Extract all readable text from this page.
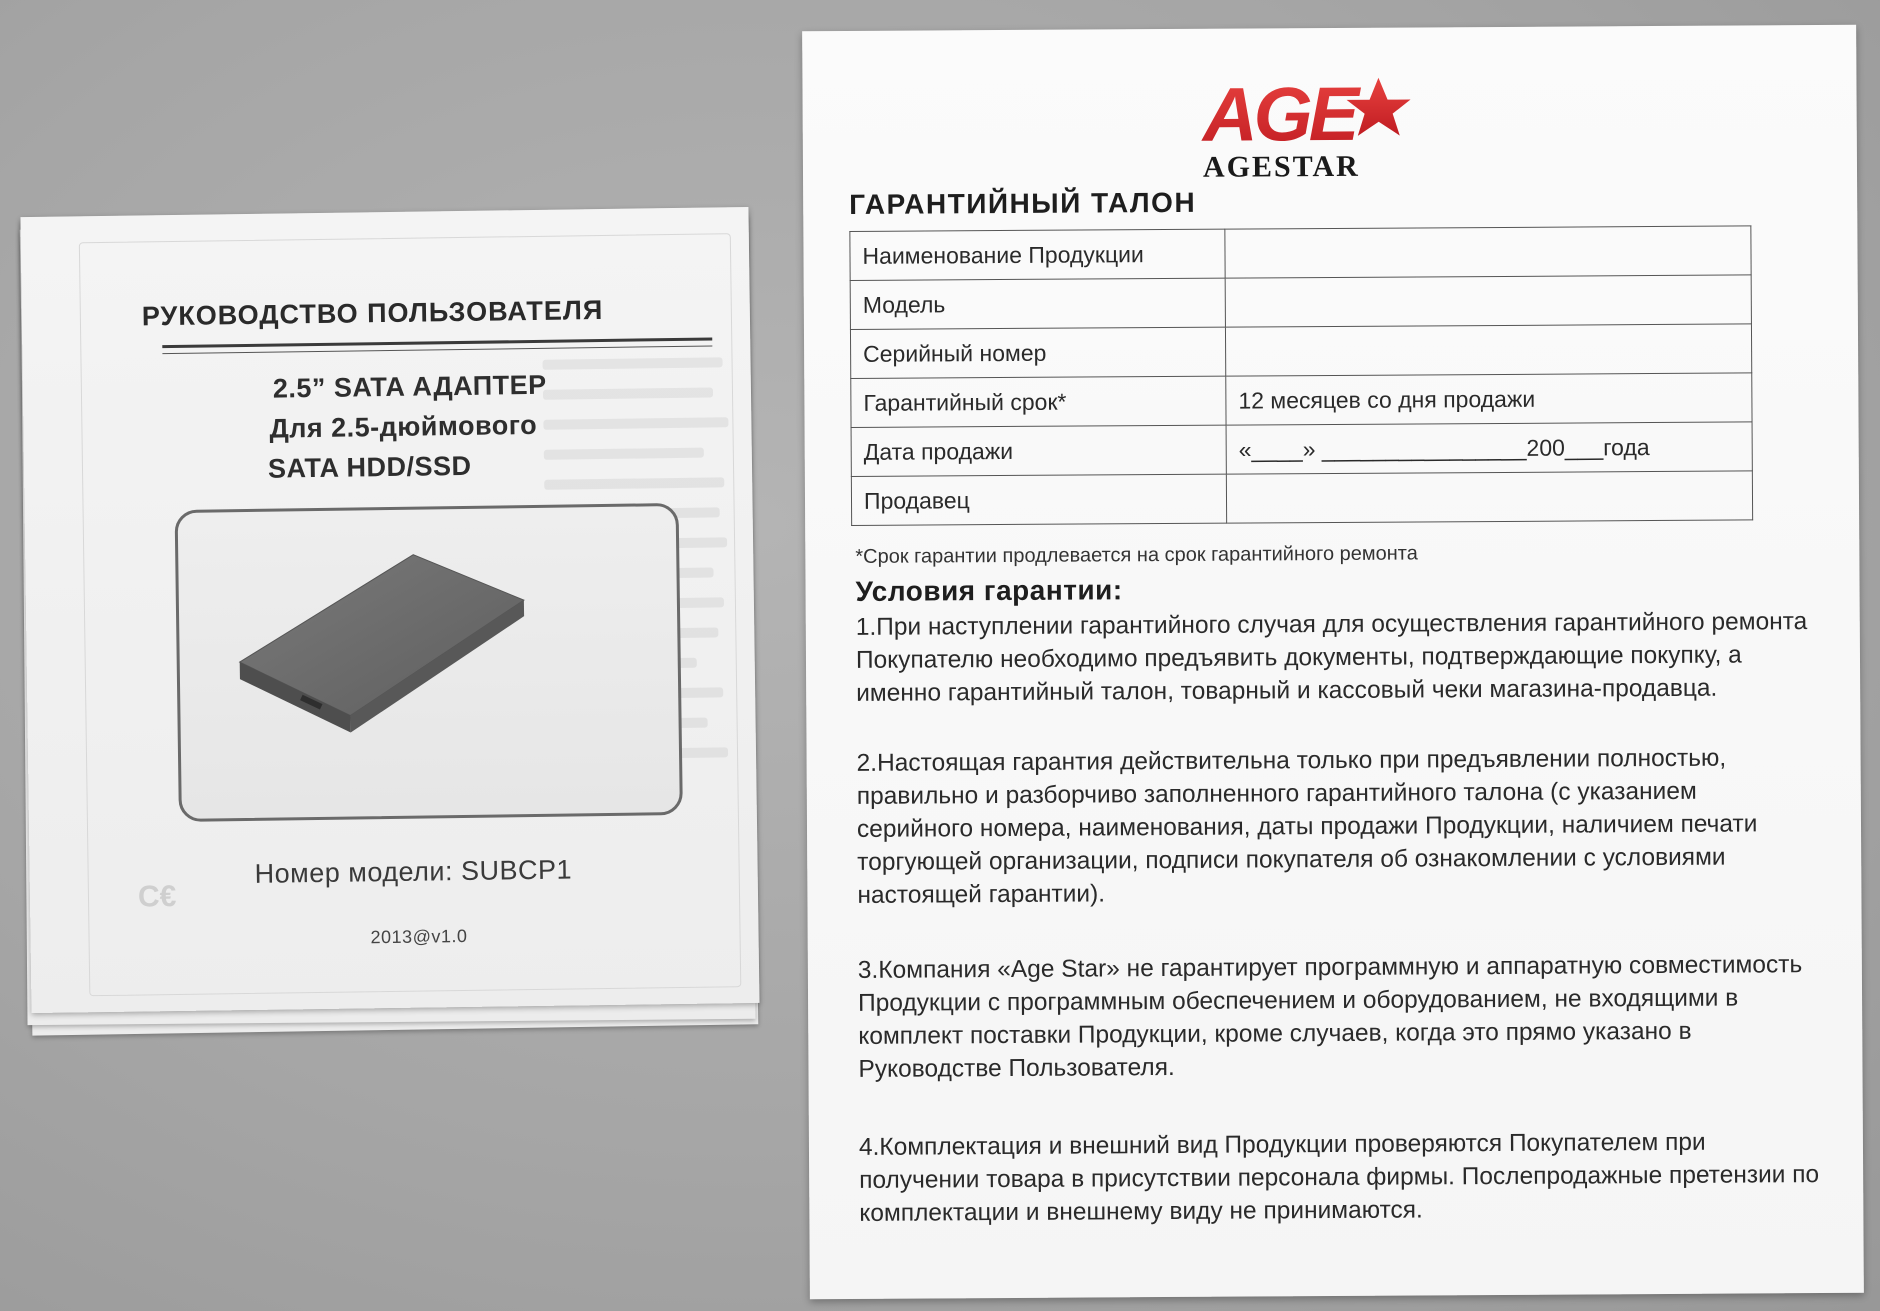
РУКОВОДСТВО ПОЛЬЗОВАТЕЛЯ
2.5” SATA АДАПТЕР
Для 2.5-дюймового
SATA HDD/SSD
C€
Номер модели: SUBCP1
2013@v1.0
AGE
AGESTAR
ГАРАНТИЙНЫЙ ТАЛОН
Наименование Продукции	
Модель	
Серийный номер	
Гарантийный срок*	12 месяцев со дня продажи
Дата продажи	«____» ________________200___года
Продавец	
*Срок гарантии продлевается на срок гарантийного ремонта
Условия гарантии:
1.При наступлении гарантийного случая для осуществления гарантийного ремонта Покупателю необходимо предъявить документы, подтверждающие покупку, а именно гарантийный талон, товарный и кассовый чеки магазина-продавца.
2.Настоящая гарантия действительна только при предъявлении полностью, правильно и разборчиво заполненного гарантийного талона (с указанием серийного номера, наименования, даты продажи Продукции, наличием печати торгующей организации, подписи покупателя об ознакомлении с условиями настоящей гарантии).
3.Компания «Age Star» не гарантирует программную и аппаратную совместимость Продукции с программным обеспечением и оборудованием, не входящими в комплект поставки Продукции, кроме случаев, когда это прямо указано в Руководстве Пользователя.
4.Комплектация и внешний вид Продукции проверяются Покупателем при получении товара в присутствии персонала фирмы. Послепродажные претензии по комплектации и внешнему виду не принимаются.
